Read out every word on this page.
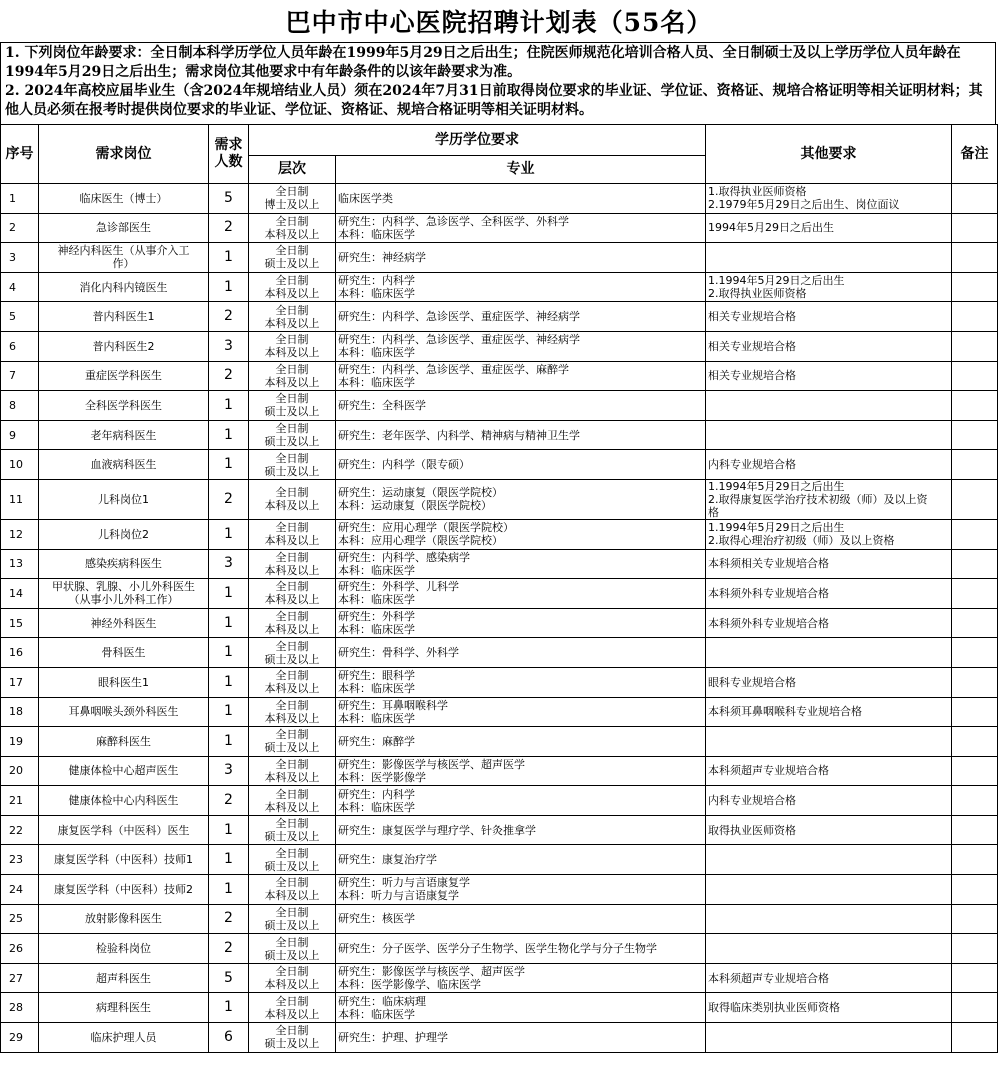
巴中市中心医院招聘计划表（55名）

1. 下列岗位年龄要求：全日制本科学历学位人员年龄在1999年5月29日之后出生；住院医师规范化培训合格人员、全日制硕士及以上学历学位人员年龄在1994年5月29日之后出生；需求岗位其他要求中有年龄条件的以该年龄要求为准。

2. 2024年高校应届毕业生（含2024年规培结业人员）须在2024年7月31日前取得岗位要求的毕业证、学位证、资格证、规培合格证明等相关证明材料；其他人员必须在报考时提供岗位要求的毕业证、学位证、资格证、规培合格证明等相关证明材料。

序号	需求岗位	需求人数	学历学位要求		其他要求	备注
			层次	专业		
1	临床医生（博士）	5	全日制
博士及以上	临床医学类	1.取得执业医师资格
2.1979年5月29日之后出生、岗位面议	

2	急诊部医生	2	全日制
本科及以上	研究生：内科学、急诊医学、全科医学、外科学
本科：临床医学	1994年5月29日之后出生	

3	神经内科医生（从事介入工
作）	1	全日制
硕士及以上	研究生：神经病学		

4	消化内科内镜医生	1	全日制
本科及以上	研究生：内科学
本科：临床医学	1.1994年5月29日之后出生
2.取得执业医师资格	

5	普内科医生1	2	全日制
本科及以上	研究生：内科学、急诊医学、重症医学、神经病学	相关专业规培合格	

6	普内科医生2	3	全日制
本科及以上	研究生：内科学、急诊医学、重症医学、神经病学
本科：临床医学	相关专业规培合格	

7	重症医学科医生	2	全日制
本科及以上	研究生：内科学、急诊医学、重症医学、麻醉学
本科：临床医学	相关专业规培合格	

8	全科医学科医生	1	全日制
硕士及以上	研究生：全科医学		

9	老年病科医生	1	全日制
硕士及以上	研究生：老年医学、内科学、精神病与精神卫生学		

10	血液病科医生	1	全日制
硕士及以上	研究生：内科学（限专硕）	内科专业规培合格	

11	儿科岗位1	2	全日制
本科及以上	研究生：运动康复（限医学院校）
本科：运动康复（限医学院校）	1.1994年5月29日之后出生
2.取得康复医学治疗技术初级（师）及以上资
格	

12	儿科岗位2	1	全日制
本科及以上	研究生：应用心理学（限医学院校）
本科：应用心理学（限医学院校）	1.1994年5月29日之后出生
2.取得心理治疗初级（师）及以上资格	

13	感染疾病科医生	3	全日制
本科及以上	研究生：内科学、感染病学
本科：临床医学	本科须相关专业规培合格	

14	甲状腺、乳腺、小儿外科医生
（从事小儿外科工作）	1	全日制
本科及以上	研究生：外科学、儿科学
本科：临床医学	本科须外科专业规培合格	

15	神经外科医生	1	全日制
本科及以上	研究生：外科学
本科：临床医学	本科须外科专业规培合格	

16	骨科医生	1	全日制
硕士及以上	研究生：骨科学、外科学		

17	眼科医生1	1	全日制
本科及以上	研究生：眼科学
本科：临床医学	眼科专业规培合格	

18	耳鼻咽喉头颈外科医生	1	全日制
本科及以上	研究生：耳鼻咽喉科学
本科：临床医学	本科须耳鼻咽喉科专业规培合格	

19	麻醉科医生	1	全日制
硕士及以上	研究生：麻醉学		

20	健康体检中心超声医生	3	全日制
本科及以上	研究生：影像医学与核医学、超声医学
本科：医学影像学	本科须超声专业规培合格	

21	健康体检中心内科医生	2	全日制
本科及以上	研究生：内科学
本科：临床医学	内科专业规培合格	

22	康复医学科（中医科）医生	1	全日制
硕士及以上	研究生：康复医学与理疗学、针灸推拿学	取得执业医师资格	

23	康复医学科（中医科）技师1	1	全日制
硕士及以上	研究生：康复治疗学		

24	康复医学科（中医科）技师2	1	全日制
本科及以上	研究生：听力与言语康复学
本科：听力与言语康复学		

25	放射影像科医生	2	全日制
硕士及以上	研究生：核医学		

26	检验科岗位	2	全日制
硕士及以上	研究生：分子医学、医学分子生物学、医学生物化学与分子生物学		

27	超声科医生	5	全日制
本科及以上	研究生：影像医学与核医学、超声医学
本科：医学影像学、临床医学	本科须超声专业规培合格	

28	病理科医生	1	全日制
本科及以上	研究生：临床病理
本科：临床医学	取得临床类别执业医师资格	

29	临床护理人员	6	全日制
硕士及以上	研究生：护理、护理学		
